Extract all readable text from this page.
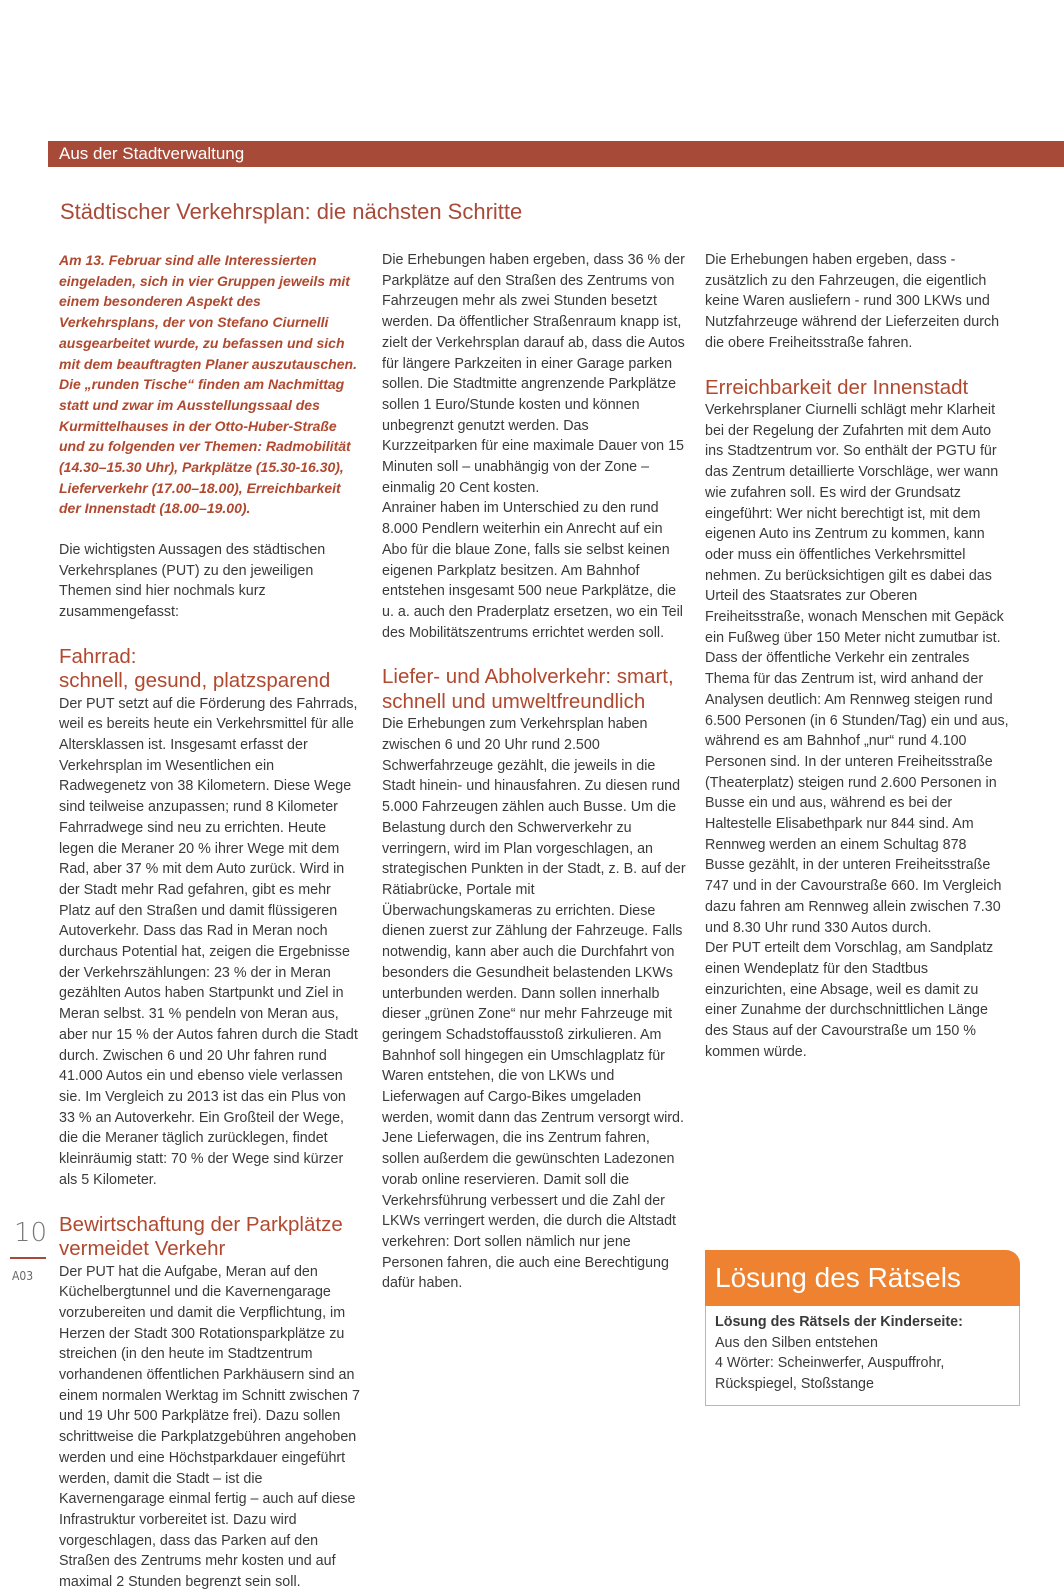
Aus der Stadtverwaltung
Städtischer Verkehrsplan: die nächsten Schritte

Am 13. Februar sind alle Interessierten eingeladen, sich in vier Gruppen jeweils mit einem besonderen Aspekt des Verkehrsplans, der von Stefano Ciurnelli ausgearbeitet wurde, zu befassen und sich mit dem beauftragten Planer auszutauschen. Die „runden Tische“ finden am Nachmittag statt und zwar im Ausstellungssaal des Kurmittelhauses in der Otto-Huber-Straße und zu folgenden ver Themen: Radmobilität (14.30–15.30 Uhr), Parkplätze (15.30-16.30), Lieferverkehr (17.00–18.00), Erreichbarkeit der Innenstadt (18.00–19.00).

Die wichtigsten Aussagen des städtischen Verkehrsplanes (PUT) zu den jeweiligen Themen sind hier nochmals kurz zusammengefasst:

Fahrrad:
schnell, gesund, platzsparend

Der PUT setzt auf die Förderung des Fahrrads, weil es bereits heute ein Verkehrsmittel für alle Altersklassen ist. Insgesamt erfasst der Verkehrsplan im Wesentlichen ein Radwegenetz von 38 Kilometern. Diese Wege sind teilweise anzupassen; rund 8 Kilometer Fahrradwege sind neu zu errichten. Heute legen die Meraner 20 % ihrer Wege mit dem Rad, aber 37 % mit dem Auto zurück. Wird in der Stadt mehr Rad gefahren, gibt es mehr Platz auf den Straßen und damit flüssigeren Autoverkehr. Dass das Rad in Meran noch durchaus Potential hat, zeigen die Ergebnisse der Verkehrszählungen: 23 % der in Meran gezählten Autos haben Startpunkt und Ziel in Meran selbst. 31 % pendeln von Meran aus, aber nur 15 % der Autos fahren durch die Stadt durch. Zwischen 6 und 20 Uhr fahren rund 41.000 Autos ein und ebenso viele verlassen sie. Im Vergleich zu 2013 ist das ein Plus von 33 % an Autoverkehr. Ein Großteil der Wege, die die Meraner täglich zurücklegen, findet kleinräumig statt: 70 % der Wege sind kürzer als 5 Kilometer.

Bewirtschaftung der Parkplätze
vermeidet Verkehr

Der PUT hat die Aufgabe, Meran auf den Küchelbergtunnel und die Kavernengarage vorzubereiten und damit die Verpflichtung, im Herzen der Stadt 300 Rotationsparkplätze zu streichen (in den heute im Stadtzentrum vorhandenen öffentlichen Parkhäusern sind an einem normalen Werktag im Schnitt zwischen 7 und 19 Uhr 500 Parkplätze frei). Dazu sollen schrittweise die Parkplatzgebühren angehoben werden und eine Höchstparkdauer eingeführt werden, damit die Stadt – ist die Kavernengarage einmal fertig – auch auf diese Infrastruktur vorbereitet ist. Dazu wird vorgeschlagen, dass das Parken auf den Straßen des Zentrums mehr kosten und auf maximal 2 Stunden begrenzt sein soll.

Die Erhebungen haben ergeben, dass 36 % der Parkplätze auf den Straßen des Zentrums von Fahrzeugen mehr als zwei Stunden besetzt werden. Da öffentlicher Straßenraum knapp ist, zielt der Verkehrsplan darauf ab, dass die Autos für längere Parkzeiten in einer Garage parken sollen. Die Stadtmitte angrenzende Parkplätze sollen 1 Euro/Stunde kosten und können unbegrenzt genutzt werden. Das Kurzzeitparken für eine maximale Dauer von 15 Minuten soll – unabhängig von der Zone – einmalig 20 Cent kosten.

Anrainer haben im Unterschied zu den rund 8.000 Pendlern weiterhin ein Anrecht auf ein Abo für die blaue Zone, falls sie selbst keinen eigenen Parkplatz besitzen. Am Bahnhof entstehen insgesamt 500 neue Parkplätze, die u. a. auch den Praderplatz ersetzen, wo ein Teil des Mobilitätszentrums errichtet werden soll.

Liefer- und Abholverkehr: smart,
schnell und umweltfreundlich

Die Erhebungen zum Verkehrsplan haben zwischen 6 und 20 Uhr rund 2.500 Schwerfahrzeuge gezählt, die jeweils in die Stadt hinein- und hinausfahren. Zu diesen rund 5.000 Fahrzeugen zählen auch Busse. Um die Belastung durch den Schwerverkehr zu verringern, wird im Plan vorgeschlagen, an strategischen Punkten in der Stadt, z. B. auf der Rätiabrücke, Portale mit Überwachungskameras zu errichten. Diese dienen zuerst zur Zählung der Fahrzeuge. Falls notwendig, kann aber auch die Durchfahrt von besonders die Gesundheit belastenden LKWs unterbunden werden. Dann sollen innerhalb dieser „grünen Zone“ nur mehr Fahrzeuge mit geringem Schadstoffausstoß zirkulieren. Am Bahnhof soll hingegen ein Umschlagplatz für Waren entstehen, die von LKWs und Lieferwagen auf Cargo-Bikes umgeladen werden, womit dann das Zentrum versorgt wird. Jene Lieferwagen, die ins Zentrum fahren, sollen außerdem die gewünschten Ladezonen vorab online reservieren. Damit soll die Verkehrsführung verbessert und die Zahl der LKWs verringert werden, die durch die Altstadt verkehren: Dort sollen nämlich nur jene Personen fahren, die auch eine Berechtigung dafür haben.

Die Erhebungen haben ergeben, dass - zusätzlich zu den Fahrzeugen, die eigentlich keine Waren ausliefern - rund 300 LKWs und Nutzfahrzeuge während der Lieferzeiten durch die obere Freiheitsstraße fahren.

Erreichbarkeit der Innenstadt

Verkehrsplaner Ciurnelli schlägt mehr Klarheit bei der Regelung der Zufahrten mit dem Auto ins Stadtzentrum vor. So enthält der PGTU für das Zentrum detaillierte Vorschläge, wer wann wie zufahren soll. Es wird der Grundsatz eingeführt: Wer nicht berechtigt ist, mit dem eigenen Auto ins Zentrum zu kommen, kann oder muss ein öffentliches Verkehrsmittel nehmen. Zu berücksichtigen gilt es dabei das Urteil des Staatsrates zur Oberen Freiheitsstraße, wonach Menschen mit Gepäck ein Fußweg über 150 Meter nicht zumutbar ist.

Dass der öffentliche Verkehr ein zentrales Thema für das Zentrum ist, wird anhand der Analysen deutlich: Am Rennweg steigen rund 6.500 Personen (in 6 Stunden/Tag) ein und aus, während es am Bahnhof „nur“ rund 4.100 Personen sind. In der unteren Freiheitsstraße (Theaterplatz) steigen rund 2.600 Personen in Busse ein und aus, während es bei der Haltestelle Elisabethpark nur 844 sind. Am Rennweg werden an einem Schultag 878 Busse gezählt, in der unteren Freiheitsstraße 747 und in der Cavourstraße 660. Im Vergleich dazu fahren am Rennweg allein zwischen 7.30 und 8.30 Uhr rund 330 Autos durch.

Der PUT erteilt dem Vorschlag, am Sandplatz einen Wendeplatz für den Stadtbus einzurichten, eine Absage, weil es damit zu einer Zunahme der durchschnittlichen Länge des Staus auf der Cavourstraße um 150 % kommen würde.

Lösung des Rätsels

Lösung des Rätsels der Kinderseite:

Aus den Silben entstehen

4 Wörter: Scheinwerfer, Auspuffrohr, Rückspiegel, Stoßstange

10
A03
